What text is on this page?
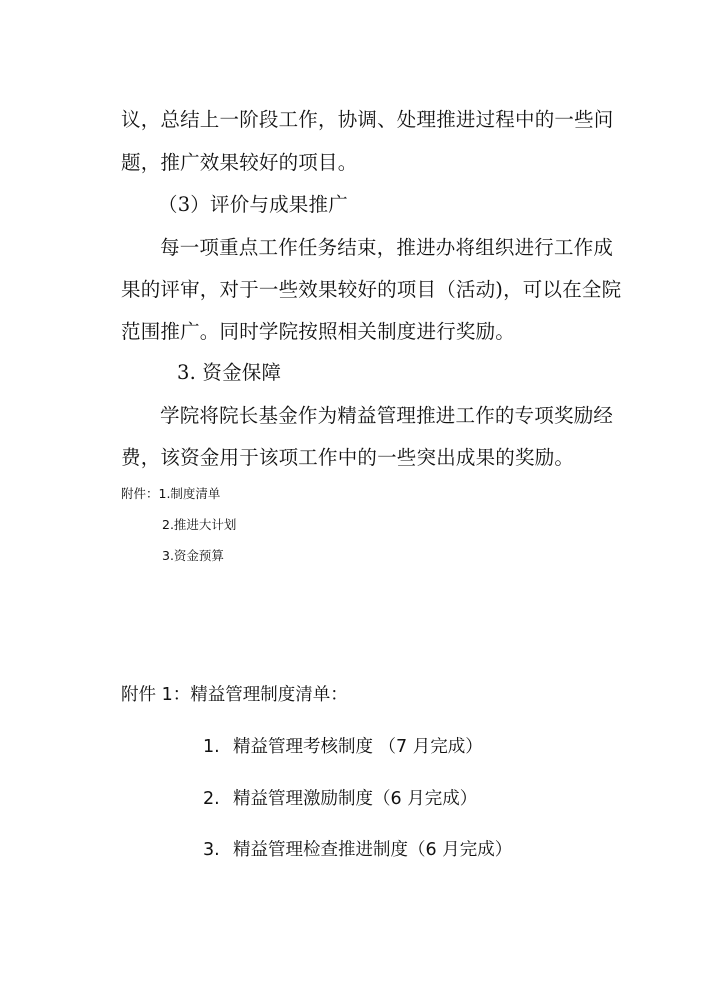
议，总结上一阶段工作，协调、处理推进过程中的一些问
题，推广效果较好的项目。
（3）评价与成果推广
每一项重点工作任务结束，推进办将组织进行工作成
果的评审，对于一些效果较好的项目（活动)，可以在全院
范围推广。同时学院按照相关制度进行奖励。
3. 资金保障
学院将院长基金作为精益管理推进工作的专项奖励经
费，该资金用于该项工作中的一些突出成果的奖励。
附件：1.制度清单
2.推进大计划
3.资金预算
附件 1：精益管理制度清单：
1. 精益管理考核制度 （7 月完成）
2. 精益管理激励制度（6 月完成）
3. 精益管理检查推进制度（6 月完成）
